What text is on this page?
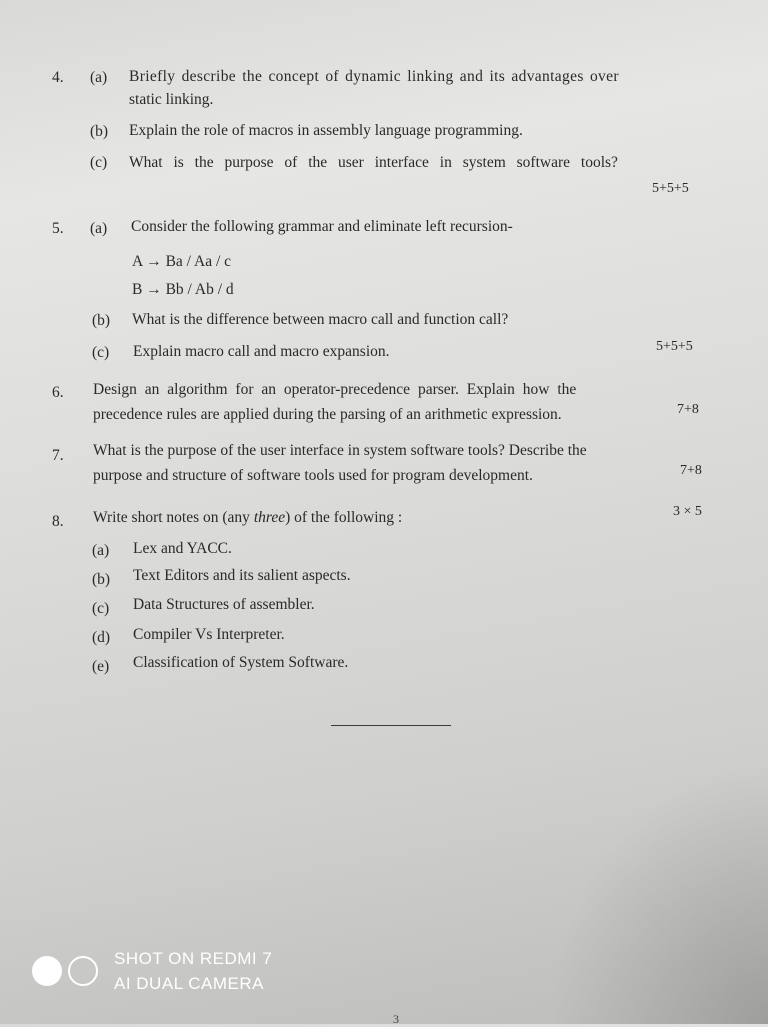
4. (a) Briefly describe the concept of dynamic linking and its advantages over
static linking.
(b) Explain the role of macros in assembly language programming.
(c) What is the purpose of the user interface in system software tools?
5+5+5
5. (a) Consider the following grammar and eliminate left recursion-
A → Ba / Aa / c
B → Bb / Ab / d
(b) What is the difference between macro call and function call?
(c) Explain macro call and macro expansion.	5+5+5
6. Design an algorithm for an operator-precedence parser. Explain how the
precedence rules are applied during the parsing of an arithmetic expression.	7+8
7. What is the purpose of the user interface in system software tools? Describe the
purpose and structure of software tools used for program development.	7+8
8. Write short notes on (any three) of the following :	3 × 5
(a) Lex and YACC.
(b) Text Editors and its salient aspects.
(c) Data Structures of assembler.
(d) Compiler Vs Interpreter.
(e) Classification of System Software.
3
SHOT ON REDMI 7
AI DUAL CAMERA
